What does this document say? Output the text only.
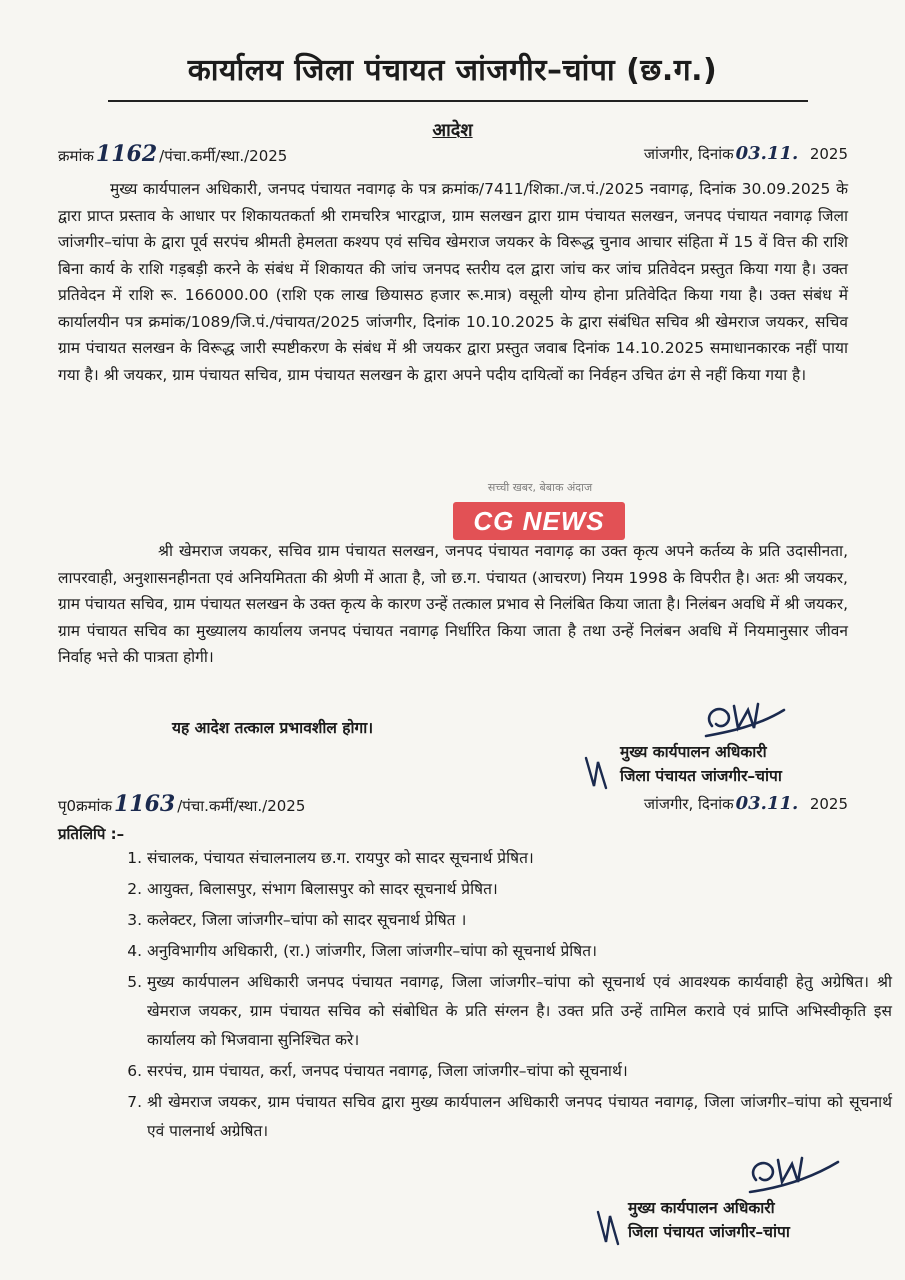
कार्यालय जिला पंचायत जांजगीर–चांपा (छ.ग.)
आदेश
क्रमांक1162 /पंचा.कर्मी/स्था./2025	जांजगीर, दिनांक 03.11. 2025

मुख्य कार्यपालन अधिकारी, जनपद पंचायत नवागढ़ के पत्र क्रमांक/7411/शिका./ज.पं./2025 नवागढ़, दिनांक 30.09.2025 के द्वारा प्राप्त प्रस्ताव के आधार पर शिकायतकर्ता श्री रामचरित्र भारद्वाज, ग्राम सलखन द्वारा ग्राम पंचायत सलखन, जनपद पंचायत नवागढ़ जिला जांजगीर–चांपा के द्वारा पूर्व सरपंच श्रीमती हेमलता कश्यप एवं सचिव खेमराज जयकर के विरूद्ध चुनाव आचार संहिता में 15 वें वित्त की राशि बिना कार्य के राशि गड़बड़ी करने के संबंध में शिकायत की जांच जनपद स्तरीय दल द्वारा जांच कर जांच प्रतिवेदन प्रस्तुत किया गया है। उक्त प्रतिवेदन में राशि रू. 166000.00 (राशि एक लाख छियासठ हजार रू.मात्र) वसूली योग्य होना प्रतिवेदित किया गया है। उक्त संबंध में कार्यालयीन पत्र क्रमांक/1089/जि.पं./पंचायत/2025 जांजगीर, दिनांक 10.10.2025 के द्वारा संबंधित सचिव श्री खेमराज जयकर, सचिव ग्राम पंचायत सलखन के विरूद्ध जारी स्पष्टीकरण के संबंध में श्री जयकर द्वारा प्रस्तुत जवाब दिनांक 14.10.2025 समाधानकारक नहीं पाया गया है। श्री जयकर, ग्राम पंचायत सचिव, ग्राम पंचायत सलखन के द्वारा अपने पदीय दायित्वों का निर्वहन उचित ढंग से नहीं किया गया है।

सच्ची खबर, बेबाक अंदाज
CG NEWS

श्री खेमराज जयकर, सचिव ग्राम पंचायत सलखन, जनपद पंचायत नवागढ़ का उक्त कृत्य अपने कर्तव्य के प्रति उदासीनता, लापरवाही, अनुशासनहीनता एवं अनियमितता की श्रेणी में आता है, जो छ.ग. पंचायत (आचरण) नियम 1998 के विपरीत है। अतः श्री जयकर, ग्राम पंचायत सचिव, ग्राम पंचायत सलखन के उक्त कृत्य के कारण उन्हें तत्काल प्रभाव से निलंबित किया जाता है। निलंबन अवधि में श्री जयकर, ग्राम पंचायत सचिव का मुख्यालय कार्यालय जनपद पंचायत नवागढ़ निर्धारित किया जाता है तथा उन्हें निलंबन अवधि में नियमानुसार जीवन निर्वाह भत्ते की पात्रता होगी।

यह आदेश तत्काल प्रभावशील होगा।
मुख्य कार्यपालन अधिकारी
जिला पंचायत जांजगीर–चांपा
पृ0क्रमांक1163 /पंचा.कर्मी/स्था./2025	जांजगीर, दिनांक 03.11. 2025
प्रतिलिपि :–
1. संचालक, पंचायत संचालनालय छ.ग. रायपुर को सादर सूचनार्थ प्रेषित।
2. आयुक्त, बिलासपुर, संभाग बिलासपुर को सादर सूचनार्थ प्रेषित।
3. कलेक्टर, जिला जांजगीर–चांपा को सादर सूचनार्थ प्रेषित ।
4. अनुविभागीय अधिकारी, (रा.) जांजगीर, जिला जांजगीर–चांपा को सूचनार्थ प्रेषित।
5. मुख्य कार्यपालन अधिकारी जनपद पंचायत नवागढ़, जिला जांजगीर–चांपा को सूचनार्थ एवं आवश्यक कार्यवाही हेतु अग्रेषित। श्री खेमराज जयकर, ग्राम पंचायत सचिव को संबोधित के प्रति संग्लन है। उक्त प्रति उन्हें तामिल करावे एवं प्राप्ति अभिस्वीकृति इस कार्यालय को भिजवाना सुनिश्चित करे।
6. सरपंच, ग्राम पंचायत, कर्रा, जनपद पंचायत नवागढ़, जिला जांजगीर–चांपा को सूचनार्थ।
7. श्री खेमराज जयकर, ग्राम पंचायत सचिव द्वारा मुख्य कार्यपालन अधिकारी जनपद पंचायत नवागढ़, जिला जांजगीर–चांपा को सूचनार्थ एवं पालनार्थ अग्रेषित।
मुख्य कार्यपालन अधिकारी
जिला पंचायत जांजगीर–चांपा
